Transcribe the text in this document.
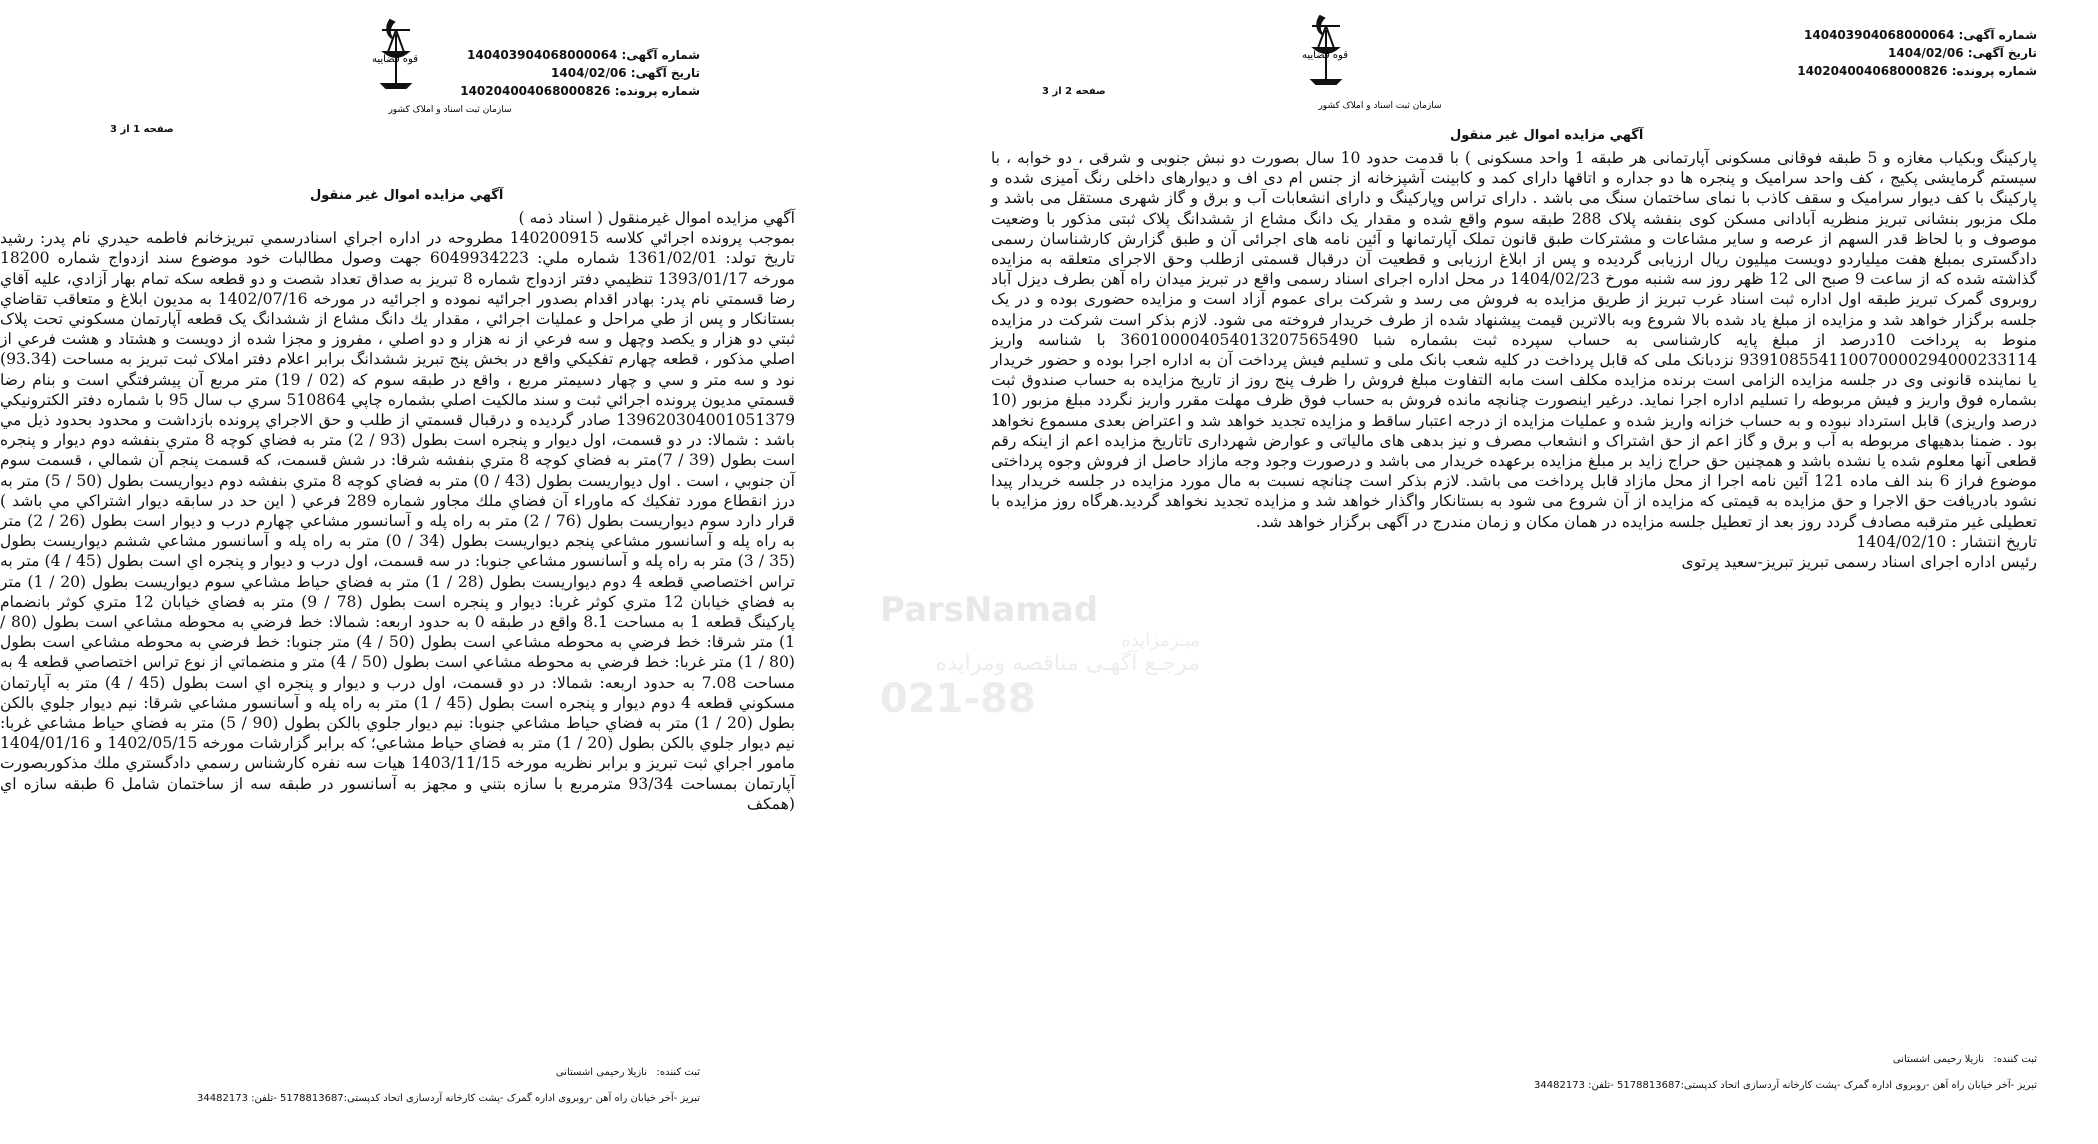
شماره آگهی: 140403904068000064
تاریخ آگهی: 1404/02/06
شماره پرونده: 140204004068000826
قوه قضاییه
سازمان ثبت اسناد و املاک کشور
صفحه 2 از 3
آگهي مزايده اموال غير منقول

پارکینگ وبکیاب مغازه و 5 طبقه فوقانی مسکونی آپارتمانی هر طبقه 1 واحد مسکونی ) با قدمت حدود 10 سال بصورت دو نبش جنوبی و شرقی ، دو خوابه ، با سیستم گرمایشی پکیج ، کف واحد سرامیک و پنجره ها دو جداره و اتاقها دارای کمد و کابینت آشپزخانه از جنس ام دی اف و دیوارهای داخلی رنگ آمیزی شده و پارکینگ با کف دیوار سرامیک و سقف کاذب با نمای ساختمان سنگ می باشد . دارای تراس وپارکینگ و دارای انشعابات آب و برق و گاز شهری مستقل می باشد و ملک مزبور بنشانی تبریز منظریه آبادانی مسکن کوی بنفشه پلاک 288 طبقه سوم واقع شده و مقدار یک دانگ مشاع از ششدانگ پلاک ثبتی مذکور با وضعیت موصوف و با لحاظ قدر السهم از عرصه و سایر مشاعات و مشترکات طبق قانون تملک آپارتمانها و آئین نامه های اجرائی آن و طبق گزارش کارشناسان رسمی دادگستری بمبلغ هفت میلیاردو دویست میلیون ریال ارزیابی گردیده و پس از ابلاغ ارزیابی و قطعیت آن درقبال قسمتی ازطلب وحق الاجرای متعلقه به مزایده گذاشته شده که از ساعت 9 صبح الی 12 ظهر روز سه شنبه مورخ 1404/02/23 در محل اداره اجرای اسناد رسمی واقع در تبریز میدان راه آهن بطرف دیزل آباد روبروی گمرک تبریز طبقه اول اداره ثبت اسناد غرب تبریز از طریق مزایده به فروش می رسد و شرکت برای عموم آزاد است و مزایده حضوری بوده و در یک جلسه برگزار خواهد شد و مزایده از مبلغ یاد شده بالا شروع وبه بالاترین قیمت پیشنهاد شده از طرف خریدار فروخته می شود. لازم بذکر است شرکت در مزایده منوط به پرداخت 10درصد از مبلغ پایه کارشناسی به حساب سپرده ثبت بشماره شبا 360100004054013207565490 با شناسه واریز 939108554110070000294000233114 نزدبانک ملی که قابل پرداخت در کلیه شعب بانک ملی و تسلیم فیش پرداخت آن به اداره اجرا بوده و حضور خریدار یا نماینده قانونی وی در جلسه مزایده الزامی است برنده مزایده مکلف است مابه التفاوت مبلغ فروش را ظرف پنج روز از تاریخ مزایده به حساب صندوق ثبت بشماره فوق واریز و فیش مربوطه را تسلیم اداره اجرا نماید. درغیر اینصورت چنانچه مانده فروش به حساب فوق ظرف مهلت مقرر واریز نگردد مبلغ مزبور (10 درصد واریزی) قابل استرداد نبوده و به حساب خزانه واریز شده و عملیات مزایده از درجه اعتبار ساقط و مزایده تجدید خواهد شد و اعتراض بعدی مسموع نخواهد بود . ضمنا بدهیهای مربوطه به آب و برق و گاز اعم از حق اشتراک و انشعاب مصرف و نیز بدهی های مالیاتی و عوارض شهرداری تاتاریخ مزایده اعم از اینکه رقم قطعی آنها معلوم شده یا نشده باشد و همچنین حق حراج زاید بر مبلغ مزایده برعهده خریدار می باشد و درصورت وجود وجه مازاد حاصل از فروش وجوه پرداختی موضوع فراز 6 بند الف ماده 121 آئین نامه اجرا از محل مازاد قابل پرداخت می باشد. لازم بذکر است چنانچه نسبت به مال مورد مزایده در جلسه خریدار پیدا نشود بادریافت حق الاجرا و حق مزایده به قیمتی که مزایده از آن شروع می شود به بستانکار واگذار خواهد شد و مزایده تجدید نخواهد گردید.هرگاه روز مزایده با تعطیلی غیر مترقبه مصادف گردد روز بعد از تعطیل جلسه مزایده در همان مکان و زمان مندرج در آگهی برگزار خواهد شد.

تاریخ انتشار : 1404/02/10

رئیس اداره اجرای اسناد رسمی تبریز تبریز-سعید پرتوی

ثبت کننده:   نازیلا رحیمی اشستانی
تبریز -آخر خیابان راه آهن -روبروی اداره گمرک -پشت کارخانه آردسازی اتحاد کدپستی:5178813687 -تلفن: 34482173
شماره آگهی: 140403904068000064
تاریخ آگهی: 1404/02/06
شماره پرونده: 140204004068000826
قوه قضاییه
سازمان ثبت اسناد و املاک کشور
صفحه 1 از 3
آگهي مزايده اموال غير منقول

آگهي مزايده اموال غيرمنقول ( اسناد ذمه )

بموجب پرونده اجرائي كلاسه 140200915 مطروحه در اداره اجراي اسنادرسمي تبريزخانم فاطمه حيدري نام پدر: رشيد تاريخ تولد: 1361/02/01 شماره ملي: 6049934223 جهت وصول مطالبات خود موضوع سند ازدواج شماره 18200 مورخه 1393/01/17 تنظيمي دفتر ازدواج شماره 8 تبريز به صداق تعداد شصت و دو قطعه سكه تمام بهار آزادي، عليه آقاي رضا قسمتي نام پدر: بهادر اقدام بصدور اجرائيه نموده و اجرائيه در مورخه 1402/07/16 به مديون ابلاغ و متعاقب تقاضاي بستانكار و پس از طي مراحل و عمليات اجرائي ، مقدار يك دانگ مشاع از ششدانگ يک قطعه آپارتمان مسکوني تحت پلاک ثبتي دو هزار و يکصد وچهل و سه فرعي از نه هزار و دو اصلي ، مفروز و مجزا شده از دويست و هشتاد و هشت فرعي از اصلي مذکور ، قطعه چهارم تفکيکي واقع در بخش پنج تبريز ششدانگ برابر اعلام دفتر املاک ثبت تبريز به مساحت (93.34) نود و سه متر و سي و چهار دسيمتر مربع ، واقع در طبقه سوم كه (02 / 19) متر مربع آن پيشرفتگي است و بنام رضا قسمتي مديون پرونده اجرائي ثبت و سند مالكيت اصلي بشماره چاپي 510864 سري ب سال 95 با شماره دفتر الكترونيكي 139620304001051379 صادر گرديده و درقبال قسمتي از طلب و حق الاجراي پرونده بازداشت و محدود بحدود ذيل مي باشد : شمالا: در دو قسمت، اول ديوار و پنجره است بطول (93 / 2) متر به فضاي كوچه 8 متري بنفشه دوم ديوار و پنجره است بطول (39 / 7)متر به فضاي كوچه 8 متري بنفشه شرقا: در شش قسمت، كه قسمت پنجم آن شمالي ، قسمت سوم آن جنوبي ، است . اول ديواريست بطول (43 / 0) متر به فضاي كوچه 8 متري بنفشه دوم ديواريست بطول (50 / 5) متر به درز انقطاع مورد تفكيك كه ماوراء آن فضاي ملك مجاور شماره 289 فرعي ( اين حد در سابقه ديوار اشتراكي مي باشد ) قرار دارد سوم ديواريست بطول (76 / 2) متر به راه پله و آسانسور مشاعي چهارم درب و ديوار است بطول (26 / 2) متر به راه پله و آسانسور مشاعي پنجم ديواريست بطول (34 / 0) متر به راه پله و آسانسور مشاعي ششم ديواريست بطول (35 / 3) متر به راه پله و آسانسور مشاعي جنوبا: در سه قسمت، اول درب و ديوار و پنجره اي است بطول (45 / 4) متر به تراس اختصاصي قطعه 4 دوم ديواريست بطول (28 / 1) متر به فضاي حياط مشاعي سوم ديواريست بطول (20 / 1) متر به فضاي خيابان 12 متري كوثر غربا: ديوار و پنجره است بطول (78 / 9) متر به فضاي خيابان 12 متري كوثر بانضمام پاركينگ قطعه 1 به مساحت 8.1 واقع در طبقه 0 به حدود اربعه: شمالا: خط فرضي به محوطه مشاعي است بطول (80 / 1) متر شرقا: خط فرضي به محوطه مشاعي است بطول (50 / 4) متر جنوبا: خط فرضي به محوطه مشاعي است بطول (80 / 1) متر غربا: خط فرضي به محوطه مشاعي است بطول (50 / 4) متر و منضماتي از نوع تراس اختصاصي قطعه 4 به مساحت 7.08 به حدود اربعه: شمالا: در دو قسمت، اول درب و ديوار و پنجره اي است بطول (45 / 4) متر به آپارتمان مسكوني قطعه 4 دوم ديوار و پنجره است بطول (45 / 1) متر به راه پله و آسانسور مشاعي شرقا: نيم ديوار جلوي بالكن بطول (20 / 1) متر به فضاي حياط مشاعي جنوبا: نيم ديوار جلوي بالكن بطول (90 / 5) متر به فضاي حياط مشاعي غربا: نيم ديوار جلوي بالكن بطول (20 / 1) متر به فضاي حياط مشاعي؛ كه برابر گزارشات مورخه 1402/05/15 و 1404/01/16 مامور اجراي ثبت تبريز و برابر نظريه مورخه 1403/11/15 هيات سه نفره كارشناس رسمي دادگستري ملك مذكوربصورت آپارتمان بمساحت 93/34 مترمربع با سازه بتني و مجهز به آسانسور در طبقه سه از ساختمان شامل 6 طبقه سازه اي (همكف

ثبت کننده:   نازیلا رحیمی اشستانی
تبریز -آخر خیابان راه آهن -روبروی اداره گمرک -پشت کارخانه آردسازی اتحاد کدپستی:5178813687 -تلفن: 34482173
ParsNamad
ميـزمزايده
مرجـع آگهـی مناقصه ومزایده
021-88
